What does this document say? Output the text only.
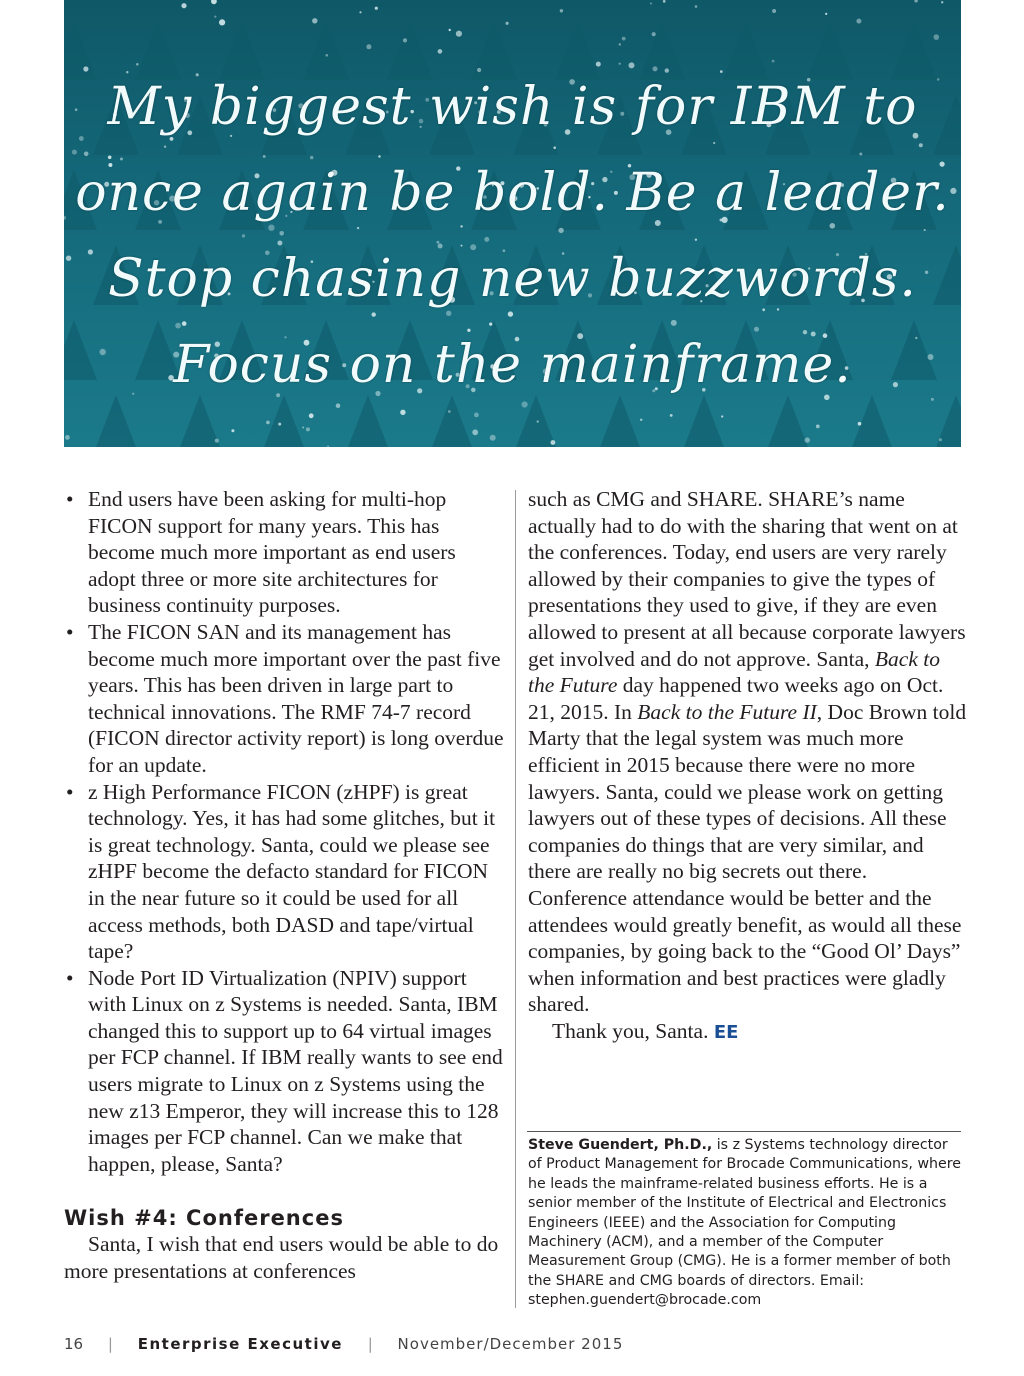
My biggest wish is for IBM to
once again be bold. Be a leader.
Stop chasing new buzzwords.
Focus on the mainframe.
• End users have been asking for multi-hop FICON support for many years. This has become much more important as end users adopt three or more site architectures for business continuity purposes.
• The FICON SAN and its management has become much more important over the past five years. This has been driven in large part to technical innovations. The RMF 74-7 record (FICON director activity report) is long overdue for an update.
• z High Performance FICON (zHPF) is great technology. Yes, it has had some glitches, but it is great technology. Santa, could we please see zHPF become the defacto standard for FICON in the near future so it could be used for all access methods, both DASD and tape/virtual tape?
• Node Port ID Virtualization (NPIV) support with Linux on z Systems is needed. Santa, IBM changed this to support up to 64 virtual images per FCP channel. If IBM really wants to see end users migrate to Linux on z Systems using the new z13 Emperor, they will increase this to 128 images per FCP channel. Can we make that happen, please, Santa?
Wish #4: Conferences

Santa, I wish that end users would be able to do more presentations at conferences

such as CMG and SHARE. SHARE’s name actually had to do with the sharing that went on at the conferences. Today, end users are very rarely allowed by their companies to give the types of presentations they used to give, if they are even allowed to present at all because corporate lawyers get involved and do not approve. Santa, Back to the Future day happened two weeks ago on Oct. 21, 2015. In Back to the Future II, Doc Brown told Marty that the legal system was much more efficient in 2015 because there were no more lawyers. Santa, could we please work on getting lawyers out of these types of decisions. All these companies do things that are very similar, and there are really no big secrets out there. Conference attendance would be better and the attendees would greatly benefit, as would all these companies, by going back to the “Good Ol’ Days” when information and best practices were gladly shared.

Thank you, Santa. EE

Steve Guendert, Ph.D., is z Systems technology director of Product Management for Brocade Communications, where he leads the mainframe-related business efforts. He is a senior member of the Institute of Electrical and Electronics Engineers (IEEE) and the Association for Computing Machinery (ACM), and a member of the Computer Measurement Group (CMG). He is a former member of both the SHARE and CMG boards of directors. Email: stephen.guendert@brocade.com
16 | Enterprise Executive | November/December 2015
